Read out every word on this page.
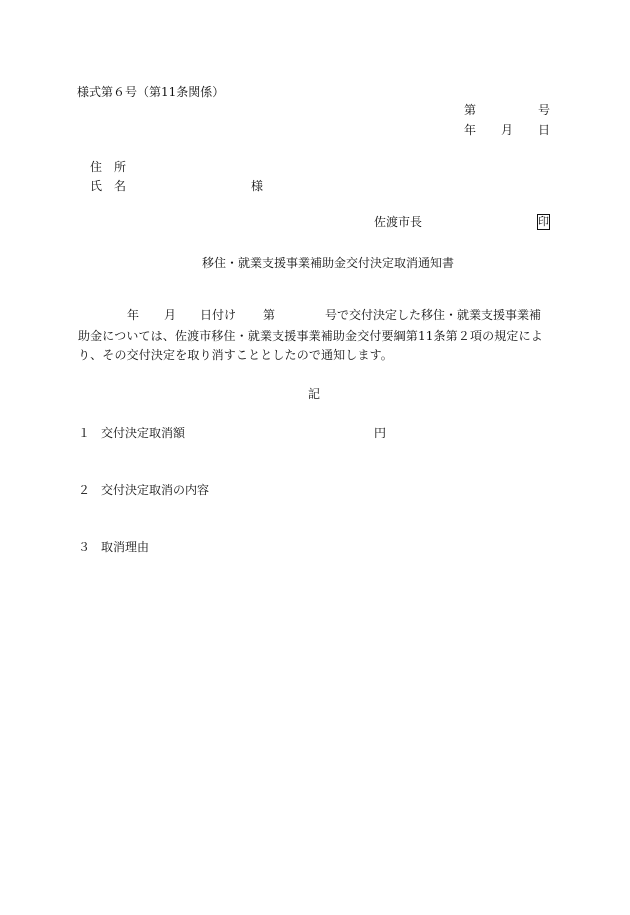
様式第６号（第11条関係）
第	号
年 月 日
住　所
氏　名	様
佐渡市長	印
移住・就業支援事業補助金交付決定取消通知書
年 月 日付け 第	号で交付決定した移住・就業支援事業補
助金については、佐渡市移住・就業支援事業補助金交付要綱第11条第２項の規定によ
り、その交付決定を取り消すこととしたので通知します。
記
１ 交付決定取消額	円
２ 交付決定取消の内容
３ 取消理由
